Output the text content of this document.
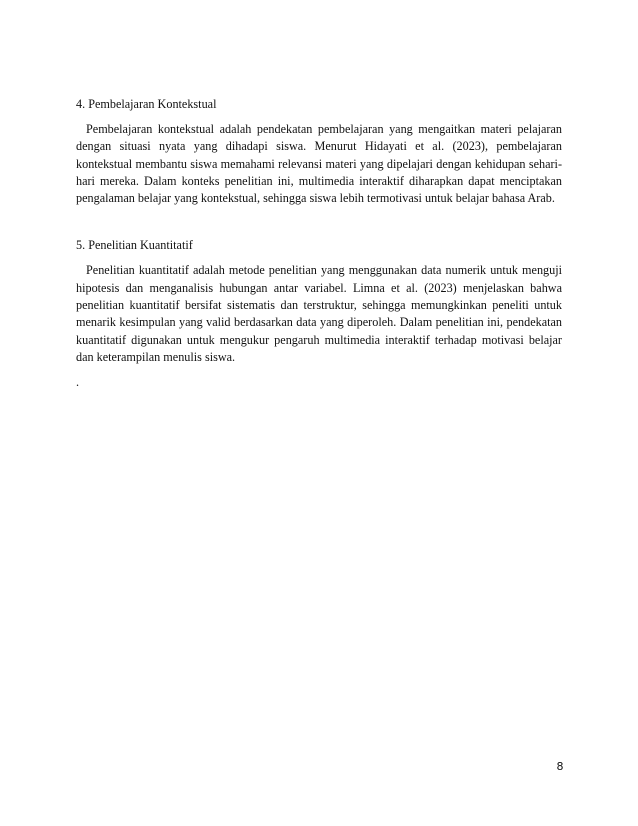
4. Pembelajaran Kontekstual

Pembelajaran kontekstual adalah pendekatan pembelajaran yang mengaitkan materi pelajaran dengan situasi nyata yang dihadapi siswa. Menurut Hidayati et al. (2023), pembelajaran kontekstual membantu siswa memahami relevansi materi yang dipelajari dengan kehidupan sehari-hari mereka. Dalam konteks penelitian ini, multimedia interaktif diharapkan dapat menciptakan pengalaman belajar yang kontekstual, sehingga siswa lebih termotivasi untuk belajar bahasa Arab.

5. Penelitian Kuantitatif

Penelitian kuantitatif adalah metode penelitian yang menggunakan data numerik untuk menguji hipotesis dan menganalisis hubungan antar variabel. Limna et al. (2023) menjelaskan bahwa penelitian kuantitatif bersifat sistematis dan terstruktur, sehingga memungkinkan peneliti untuk menarik kesimpulan yang valid berdasarkan data yang diperoleh. Dalam penelitian ini, pendekatan kuantitatif digunakan untuk mengukur pengaruh multimedia interaktif terhadap motivasi belajar dan keterampilan menulis siswa.

.
8
